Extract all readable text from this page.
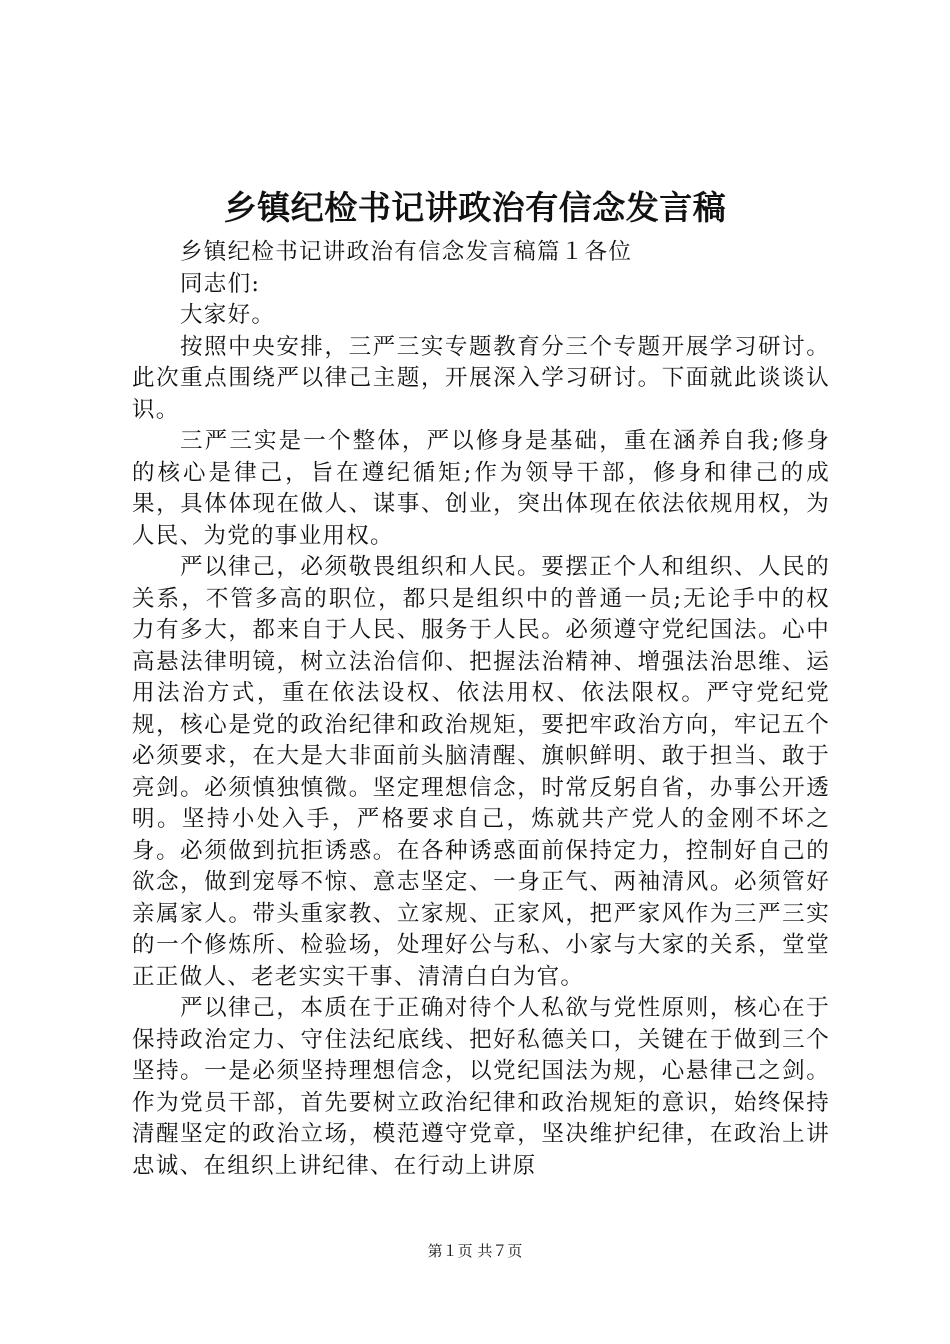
乡镇纪检书记讲政治有信念发言稿

乡镇纪检书记讲政治有信念发言稿篇１各位

同志们:

大家好。

按照中央安排，三严三实专题教育分三个专题开展学习研讨。此次重点围绕严以律己主题，开展深入学习研讨。下面就此谈谈认识。

三严三实是一个整体，严以修身是基础，重在涵养自我;修身的核心是律己，旨在遵纪循矩;作为领导干部，修身和律己的成果，具体体现在做人、谋事、创业，突出体现在依法依规用权，为人民、为党的事业用权。

严以律己，必须敬畏组织和人民。要摆正个人和组织、人民的关系，不管多高的职位，都只是组织中的普通一员;无论手中的权力有多大，都来自于人民、服务于人民。必须遵守党纪国法。心中高悬法律明镜，树立法治信仰、把握法治精神、增强法治思维、运用法治方式，重在依法设权、依法用权、依法限权。严守党纪党规，核心是党的政治纪律和政治规矩，要把牢政治方向，牢记五个必须要求，在大是大非面前头脑清醒、旗帜鲜明、敢于担当、敢于亮剑。必须慎独慎微。坚定理想信念，时常反躬自省，办事公开透明。坚持小处入手，严格要求自己，炼就共产党人的金刚不坏之身。必须做到抗拒诱惑。在各种诱惑面前保持定力，控制好自己的欲念，做到宠辱不惊、意志坚定、一身正气、两袖清风。必须管好亲属家人。带头重家教、立家规、正家风，把严家风作为三严三实的一个修炼所、检验场，处理好公与私、小家与大家的关系，堂堂正正做人、老老实实干事、清清白白为官。

严以律己，本质在于正确对待个人私欲与党性原则，核心在于保持政治定力、守住法纪底线、把好私德关口，关键在于做到三个坚持。一是必须坚持理想信念，以党纪国法为规，心悬律己之剑。作为党员干部，首先要树立政治纪律和政治规矩的意识，始终保持清醒坚定的政治立场，模范遵守党章，坚决维护纪律，在政治上讲忠诚、在组织上讲纪律、在行动上讲原

第１页 共７页
